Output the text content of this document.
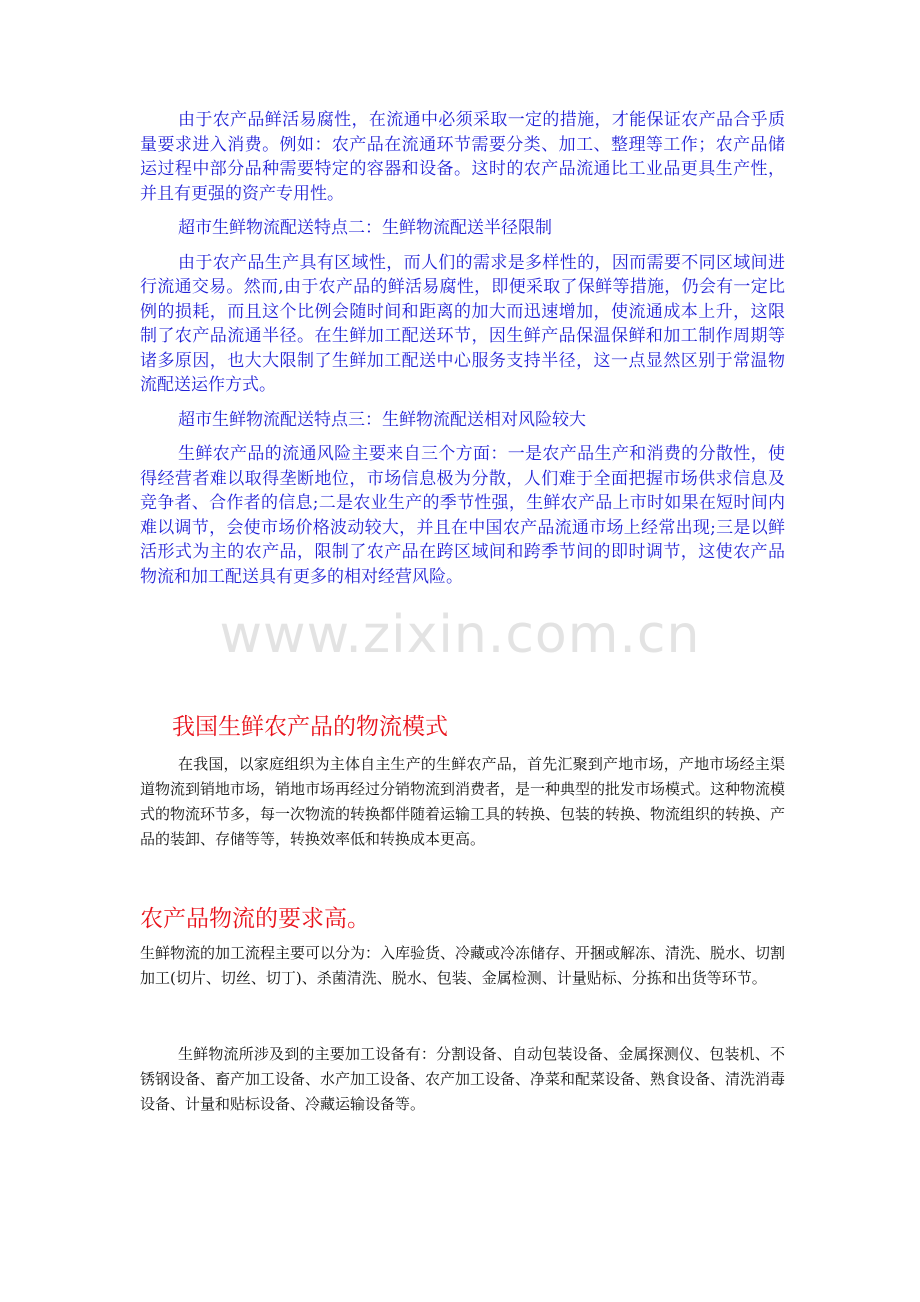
由于农产品鲜活易腐性，在流通中必须采取一定的措施，才能保证农产品合乎质量要求进入消费。例如：农产品在流通环节需要分类、加工、整理等工作；农产品储运过程中部分品种需要特定的容器和设备。这时的农产品流通比工业品更具生产性，并且有更强的资产专用性。

超市生鲜物流配送特点二：生鲜物流配送半径限制

由于农产品生产具有区域性，而人们的需求是多样性的，因而需要不同区域间进行流通交易。然而,由于农产品的鲜活易腐性，即便采取了保鲜等措施，仍会有一定比例的损耗，而且这个比例会随时间和距离的加大而迅速增加，使流通成本上升，这限制了农产品流通半径。在生鲜加工配送环节，因生鲜产品保温保鲜和加工制作周期等诸多原因，也大大限制了生鲜加工配送中心服务支持半径，这一点显然区别于常温物流配送运作方式。

超市生鲜物流配送特点三：生鲜物流配送相对风险较大

生鲜农产品的流通风险主要来自三个方面：一是农产品生产和消费的分散性，使得经营者难以取得垄断地位，市场信息极为分散，人们难于全面把握市场供求信息及竞争者、合作者的信息;二是农业生产的季节性强，生鲜农产品上市时如果在短时间内难以调节，会使市场价格波动较大，并且在中国农产品流通市场上经常出现;三是以鲜活形式为主的农产品，限制了农产品在跨区域间和跨季节间的即时调节，这使农产品物流和加工配送具有更多的相对经营风险。

www.zixin.com.cn
我国生鲜农产品的物流模式

在我国，以家庭组织为主体自主生产的生鲜农产品，首先汇聚到产地市场，产地市场经主渠道物流到销地市场，销地市场再经过分销物流到消费者，是一种典型的批发市场模式。这种物流模式的物流环节多，每一次物流的转换都伴随着运输工具的转换、包装的转换、物流组织的转换、产品的装卸、存储等等，转换效率低和转换成本更高。

农产品物流的要求高。

生鲜物流的加工流程主要可以分为：入库验货、冷藏或冷冻储存、开捆或解冻、清洗、脱水、切割加工(切片、切丝、切丁)、杀菌清洗、脱水、包装、金属检测、计量贴标、分拣和出货等环节。

生鲜物流所涉及到的主要加工设备有：分割设备、自动包装设备、金属探测仪、包装机、不锈钢设备、畜产加工设备、水产加工设备、农产加工设备、净菜和配菜设备、熟食设备、清洗消毒设备、计量和贴标设备、冷藏运输设备等。
